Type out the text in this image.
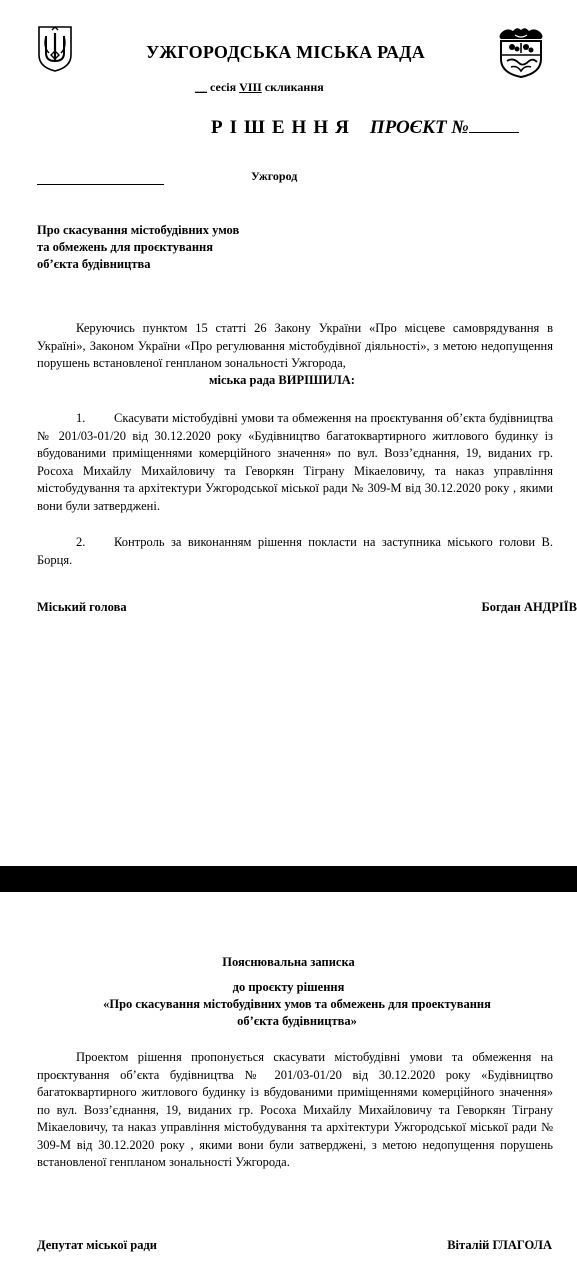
УЖГОРОДСЬКА МІСЬКА РАДА
__ сесія VIII скликання
РІШЕННЯ ПРОЄКТ №
Ужгород
Про скасування містобудівних умов
та обмежень для проєктування
об’єкта будівництва
Керуючись пунктом 15 статті 26 Закону України «Про місцеве самоврядування в Україні», Законом України «Про регулювання містобудівної діяльності», з метою недопущення порушень встановленої генпланом зональності Ужгорода,
міська рада ВИРІШИЛА:
1. Скасувати містобудівні умови та обмеження на проєктування об’єкта будівництва № 201/03-01/20 від 30.12.2020 року «Будівництво багатоквартирного житлового будинку із вбудованими приміщеннями комерційного значення» по вул. Возз’єднання, 19, виданих гр. Росоха Михайлу Михайловичу та Геворкян Тіграну Мікаеловичу, та наказ управління містобудування та архітектури Ужгородської міської ради № 309-М від 30.12.2020 року , якими вони були затверджені.
2. Контроль за виконанням рішення покласти на заступника міського голови В. Борця.
Міський голова	Богдан АНДРІЇВ
Пояснювальна записка
до проєкту рішення
«Про скасування містобудівних умов та обмежень для проектування
об’єкта будівництва»
Проектом рішення пропонується скасувати містобудівні умови та обмеження на проєктування об’єкта будівництва № 201/03-01/20 від 30.12.2020 року «Будівництво багатоквартирного житлового будинку із вбудованими приміщеннями комерційного значення» по вул. Возз’єднання, 19, виданих гр. Росоха Михайлу Михайловичу та Геворкян Тіграну Мікаеловичу, та наказ управління містобудування та архітектури Ужгородської міської ради № 309-М від 30.12.2020 року , якими вони були затверджені, з метою недопущення порушень встановленої генпланом зональності Ужгорода.
Депутат міської ради	Віталій ГЛАГОЛА
